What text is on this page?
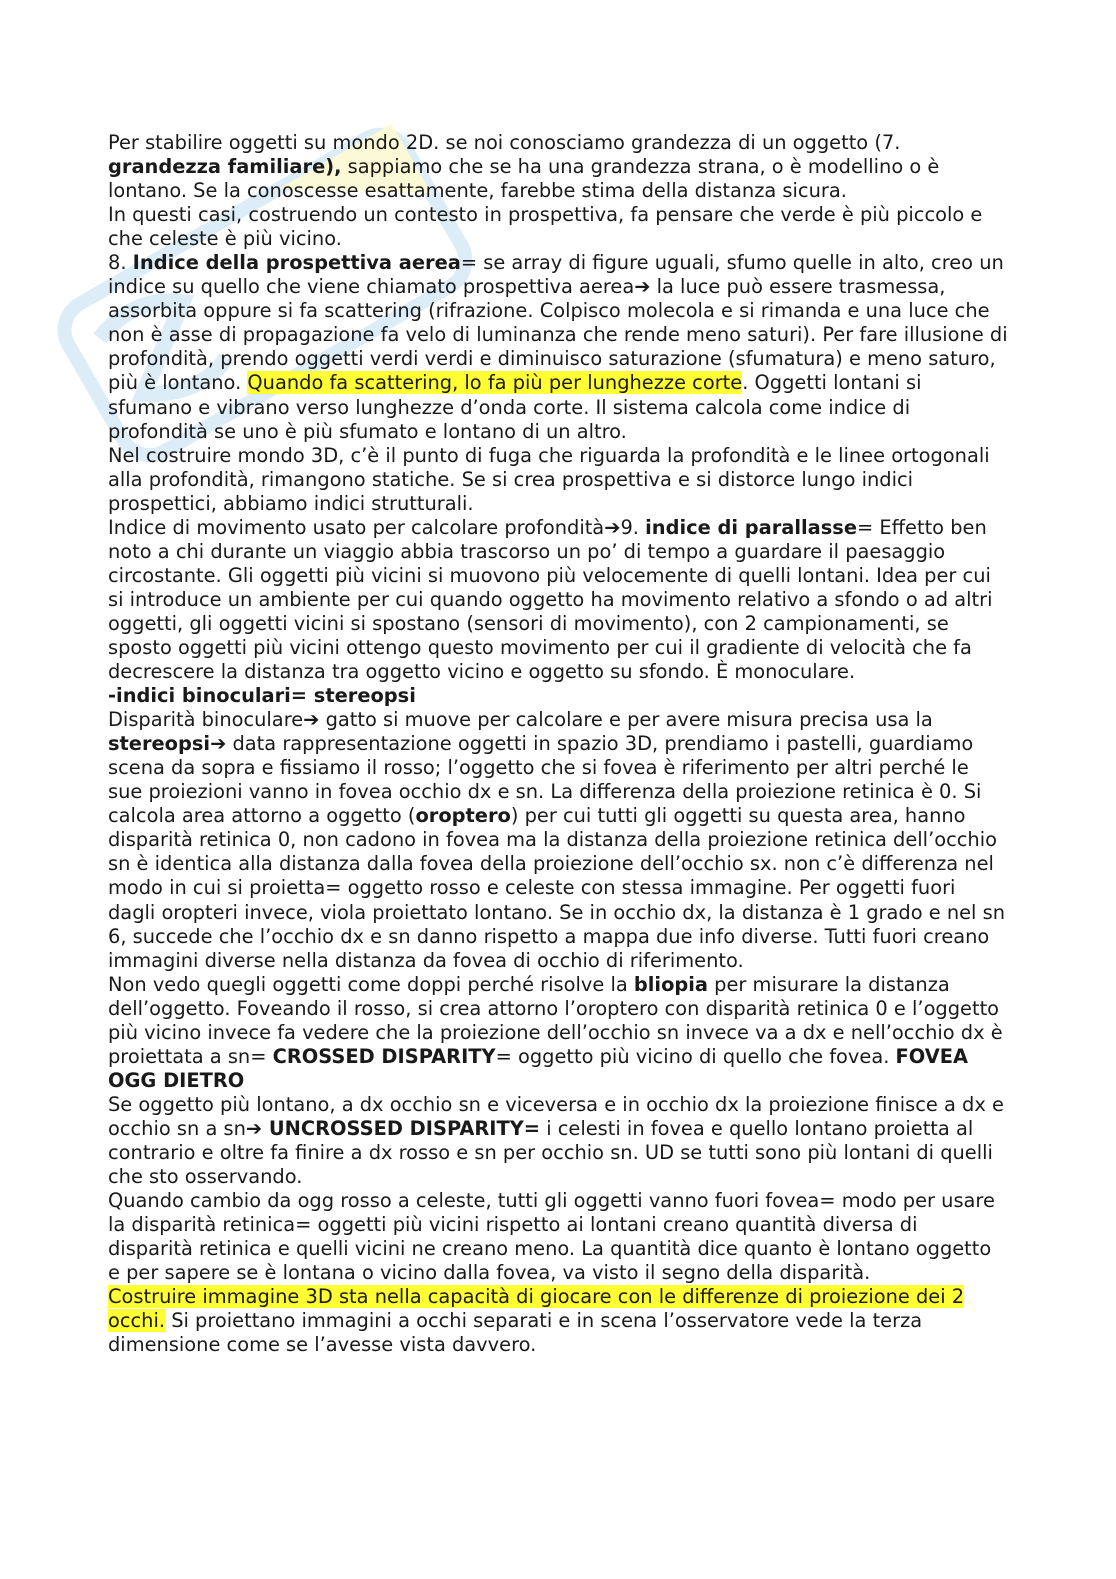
Per stabilire oggetti su mondo 2D. se noi conosciamo grandezza di un oggetto (7. grandezza familiare), sappiamo che se ha una grandezza strana, o è modellino o è lontano. Se la conoscesse esattamente, farebbe stima della distanza sicura.

In questi casi, costruendo un contesto in prospettiva, fa pensare che verde è più piccolo e che celeste è più vicino.

8. Indice della prospettiva aerea= se array di figure uguali, sfumo quelle in alto, creo un indice su quello che viene chiamato prospettiva aerea➔ la luce può essere trasmessa, assorbita oppure si fa scattering (rifrazione. Colpisco molecola e si rimanda e una luce che non è asse di propagazione fa velo di luminanza che rende meno saturi). Per fare illusione di profondità, prendo oggetti verdi verdi e diminuisco saturazione (sfumatura) e meno saturo, più è lontano. Quando fa scattering, lo fa più per lunghezze corte. Oggetti lontani si sfumano e vibrano verso lunghezze d’onda corte. Il sistema calcola come indice di profondità se uno è più sfumato e lontano di un altro.

Nel costruire mondo 3D, c’è il punto di fuga che riguarda la profondità e le linee ortogonali alla profondità, rimangono statiche. Se si crea prospettiva e si distorce lungo indici prospettici, abbiamo indici strutturali.

Indice di movimento usato per calcolare profondità➔9. indice di parallasse= Effetto ben noto a chi durante un viaggio abbia trascorso un po’ di tempo a guardare il paesaggio circostante. Gli oggetti più vicini si muovono più velocemente di quelli lontani. Idea per cui si introduce un ambiente per cui quando oggetto ha movimento relativo a sfondo o ad altri oggetti, gli oggetti vicini si spostano (sensori di movimento), con 2 campionamenti, se sposto oggetti più vicini ottengo questo movimento per cui il gradiente di velocità che fa decrescere la distanza tra oggetto vicino e oggetto su sfondo. È monoculare.

-indici binoculari= stereopsi

Disparità binoculare➔ gatto si muove per calcolare e per avere misura precisa usa la stereopsi➔ data rappresentazione oggetti in spazio 3D, prendiamo i pastelli, guardiamo scena da sopra e fissiamo il rosso; l’oggetto che si fovea è riferimento per altri perché le sue proiezioni vanno in fovea occhio dx e sn. La differenza della proiezione retinica è 0. Si calcola area attorno a oggetto (oroptero) per cui tutti gli oggetti su questa area, hanno disparità retinica 0, non cadono in fovea ma la distanza della proiezione retinica dell’occhio sn è identica alla distanza dalla fovea della proiezione dell’occhio sx. non c’è differenza nel modo in cui si proietta= oggetto rosso e celeste con stessa immagine. Per oggetti fuori dagli oropteri invece, viola proiettato lontano. Se in occhio dx, la distanza è 1 grado e nel sn 6, succede che l’occhio dx e sn danno rispetto a mappa due info diverse. Tutti fuori creano immagini diverse nella distanza da fovea di occhio di riferimento.

Non vedo quegli oggetti come doppi perché risolve la bliopia per misurare la distanza dell’oggetto. Foveando il rosso, si crea attorno l’oroptero con disparità retinica 0 e l’oggetto più vicino invece fa vedere che la proiezione dell’occhio sn invece va a dx e nell’occhio dx è proiettata a sn= CROSSED DISPARITY= oggetto più vicino di quello che fovea. FOVEA OGG DIETRO

Se oggetto più lontano, a dx occhio sn e viceversa e in occhio dx la proiezione finisce a dx e occhio sn a sn➔ UNCROSSED DISPARITY= i celesti in fovea e quello lontano proietta al contrario e oltre fa finire a dx rosso e sn per occhio sn. UD se tutti sono più lontani di quelli che sto osservando.

Quando cambio da ogg rosso a celeste, tutti gli oggetti vanno fuori fovea= modo per usare la disparità retinica= oggetti più vicini rispetto ai lontani creano quantità diversa di disparità retinica e quelli vicini ne creano meno. La quantità dice quanto è lontano oggetto e per sapere se è lontana o vicino dalla fovea, va visto il segno della disparità.

Costruire immagine 3D sta nella capacità di giocare con le differenze di proiezione dei 2 occhi. Si proiettano immagini a occhi separati e in scena l’osservatore vede la terza dimensione come se l’avesse vista davvero.
